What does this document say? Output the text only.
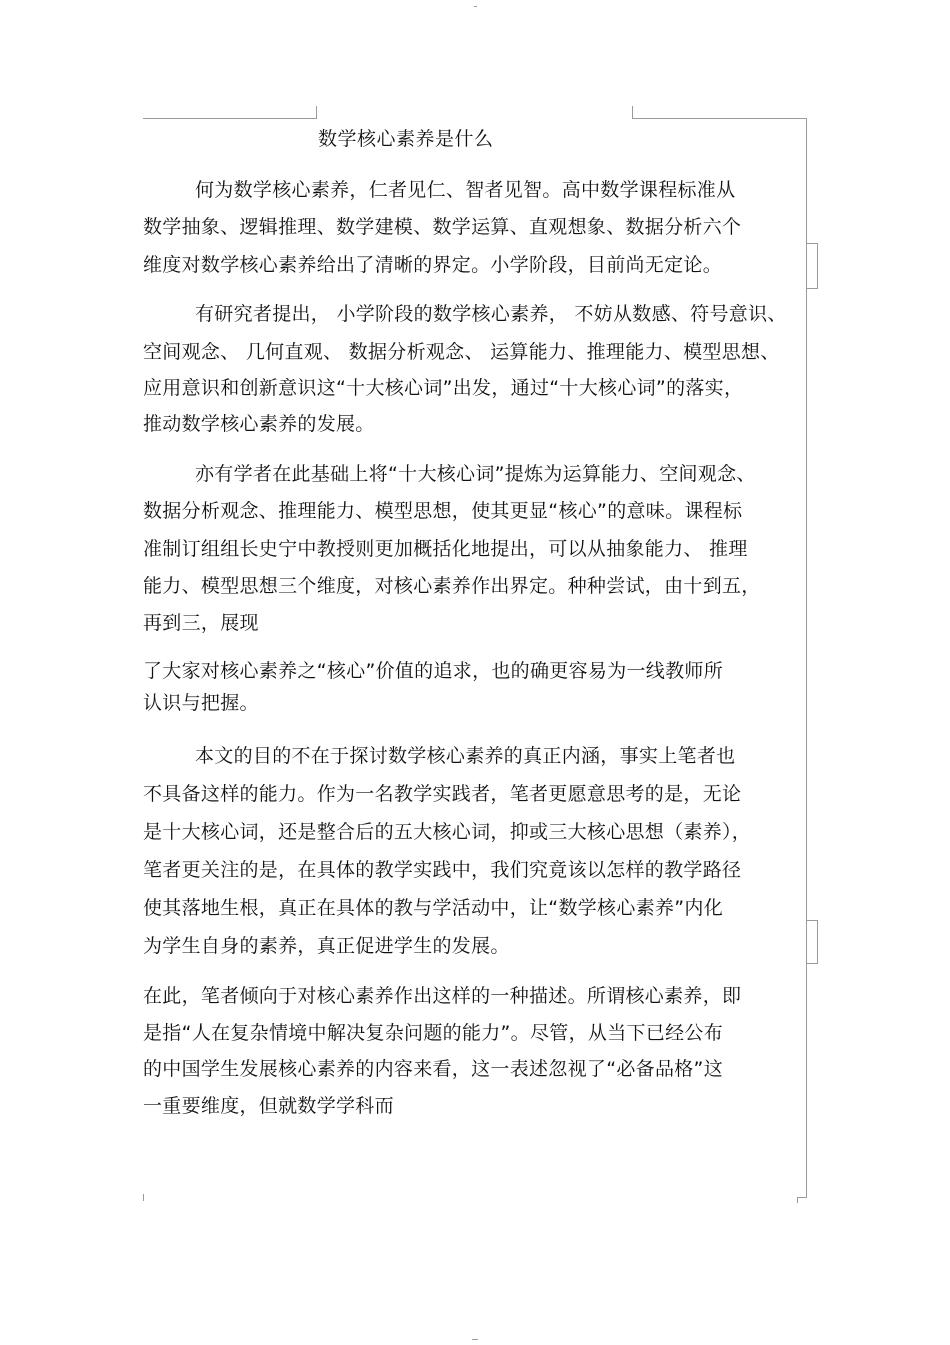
数学核心素养是什么
何为数学核心素养，仁者见仁、智者见智。高中数学课程标准从
数学抽象、逻辑推理、数学建模、数学运算、直观想象、数据分析六个
维度对数学核心素养给出了清晰的界定。小学阶段，目前尚无定论。
有研究者提出， 小学阶段的数学核心素养， 不妨从数感、符号意识、
空间观念、 几何直观、 数据分析观念、 运算能力、推理能力、模型思想、
应用意识和创新意识这“十大核心词”出发，通过“十大核心词”的落实，
推动数学核心素养的发展。
亦有学者在此基础上将“十大核心词”提炼为运算能力、空间观念、
数据分析观念、推理能力、模型思想，使其更显“核心”的意味。课程标
准制订组组长史宁中教授则更加概括化地提出，可以从抽象能力、 推理
能力、模型思想三个维度，对核心素养作出界定。种种尝试，由十到五，
再到三，展现
了大家对核心素养之“核心”价值的追求，也的确更容易为一线教师所
认识与把握。
本文的目的不在于探讨数学核心素养的真正内涵，事实上笔者也
不具备这样的能力。作为一名教学实践者，笔者更愿意思考的是，无论
是十大核心词，还是整合后的五大核心词，抑或三大核心思想（素养），
笔者更关注的是，在具体的教学实践中，我们究竟该以怎样的教学路径
使其落地生根，真正在具体的教与学活动中，让“数学核心素养”内化
为学生自身的素养，真正促进学生的发展。
在此，笔者倾向于对核心素养作出这样的一种描述。所谓核心素养，即
是指“人在复杂情境中解决复杂问题的能力”。尽管，从当下已经公布
的中国学生发展核心素养的内容来看，这一表述忽视了“必备品格”这
一重要维度，但就数学学科而
